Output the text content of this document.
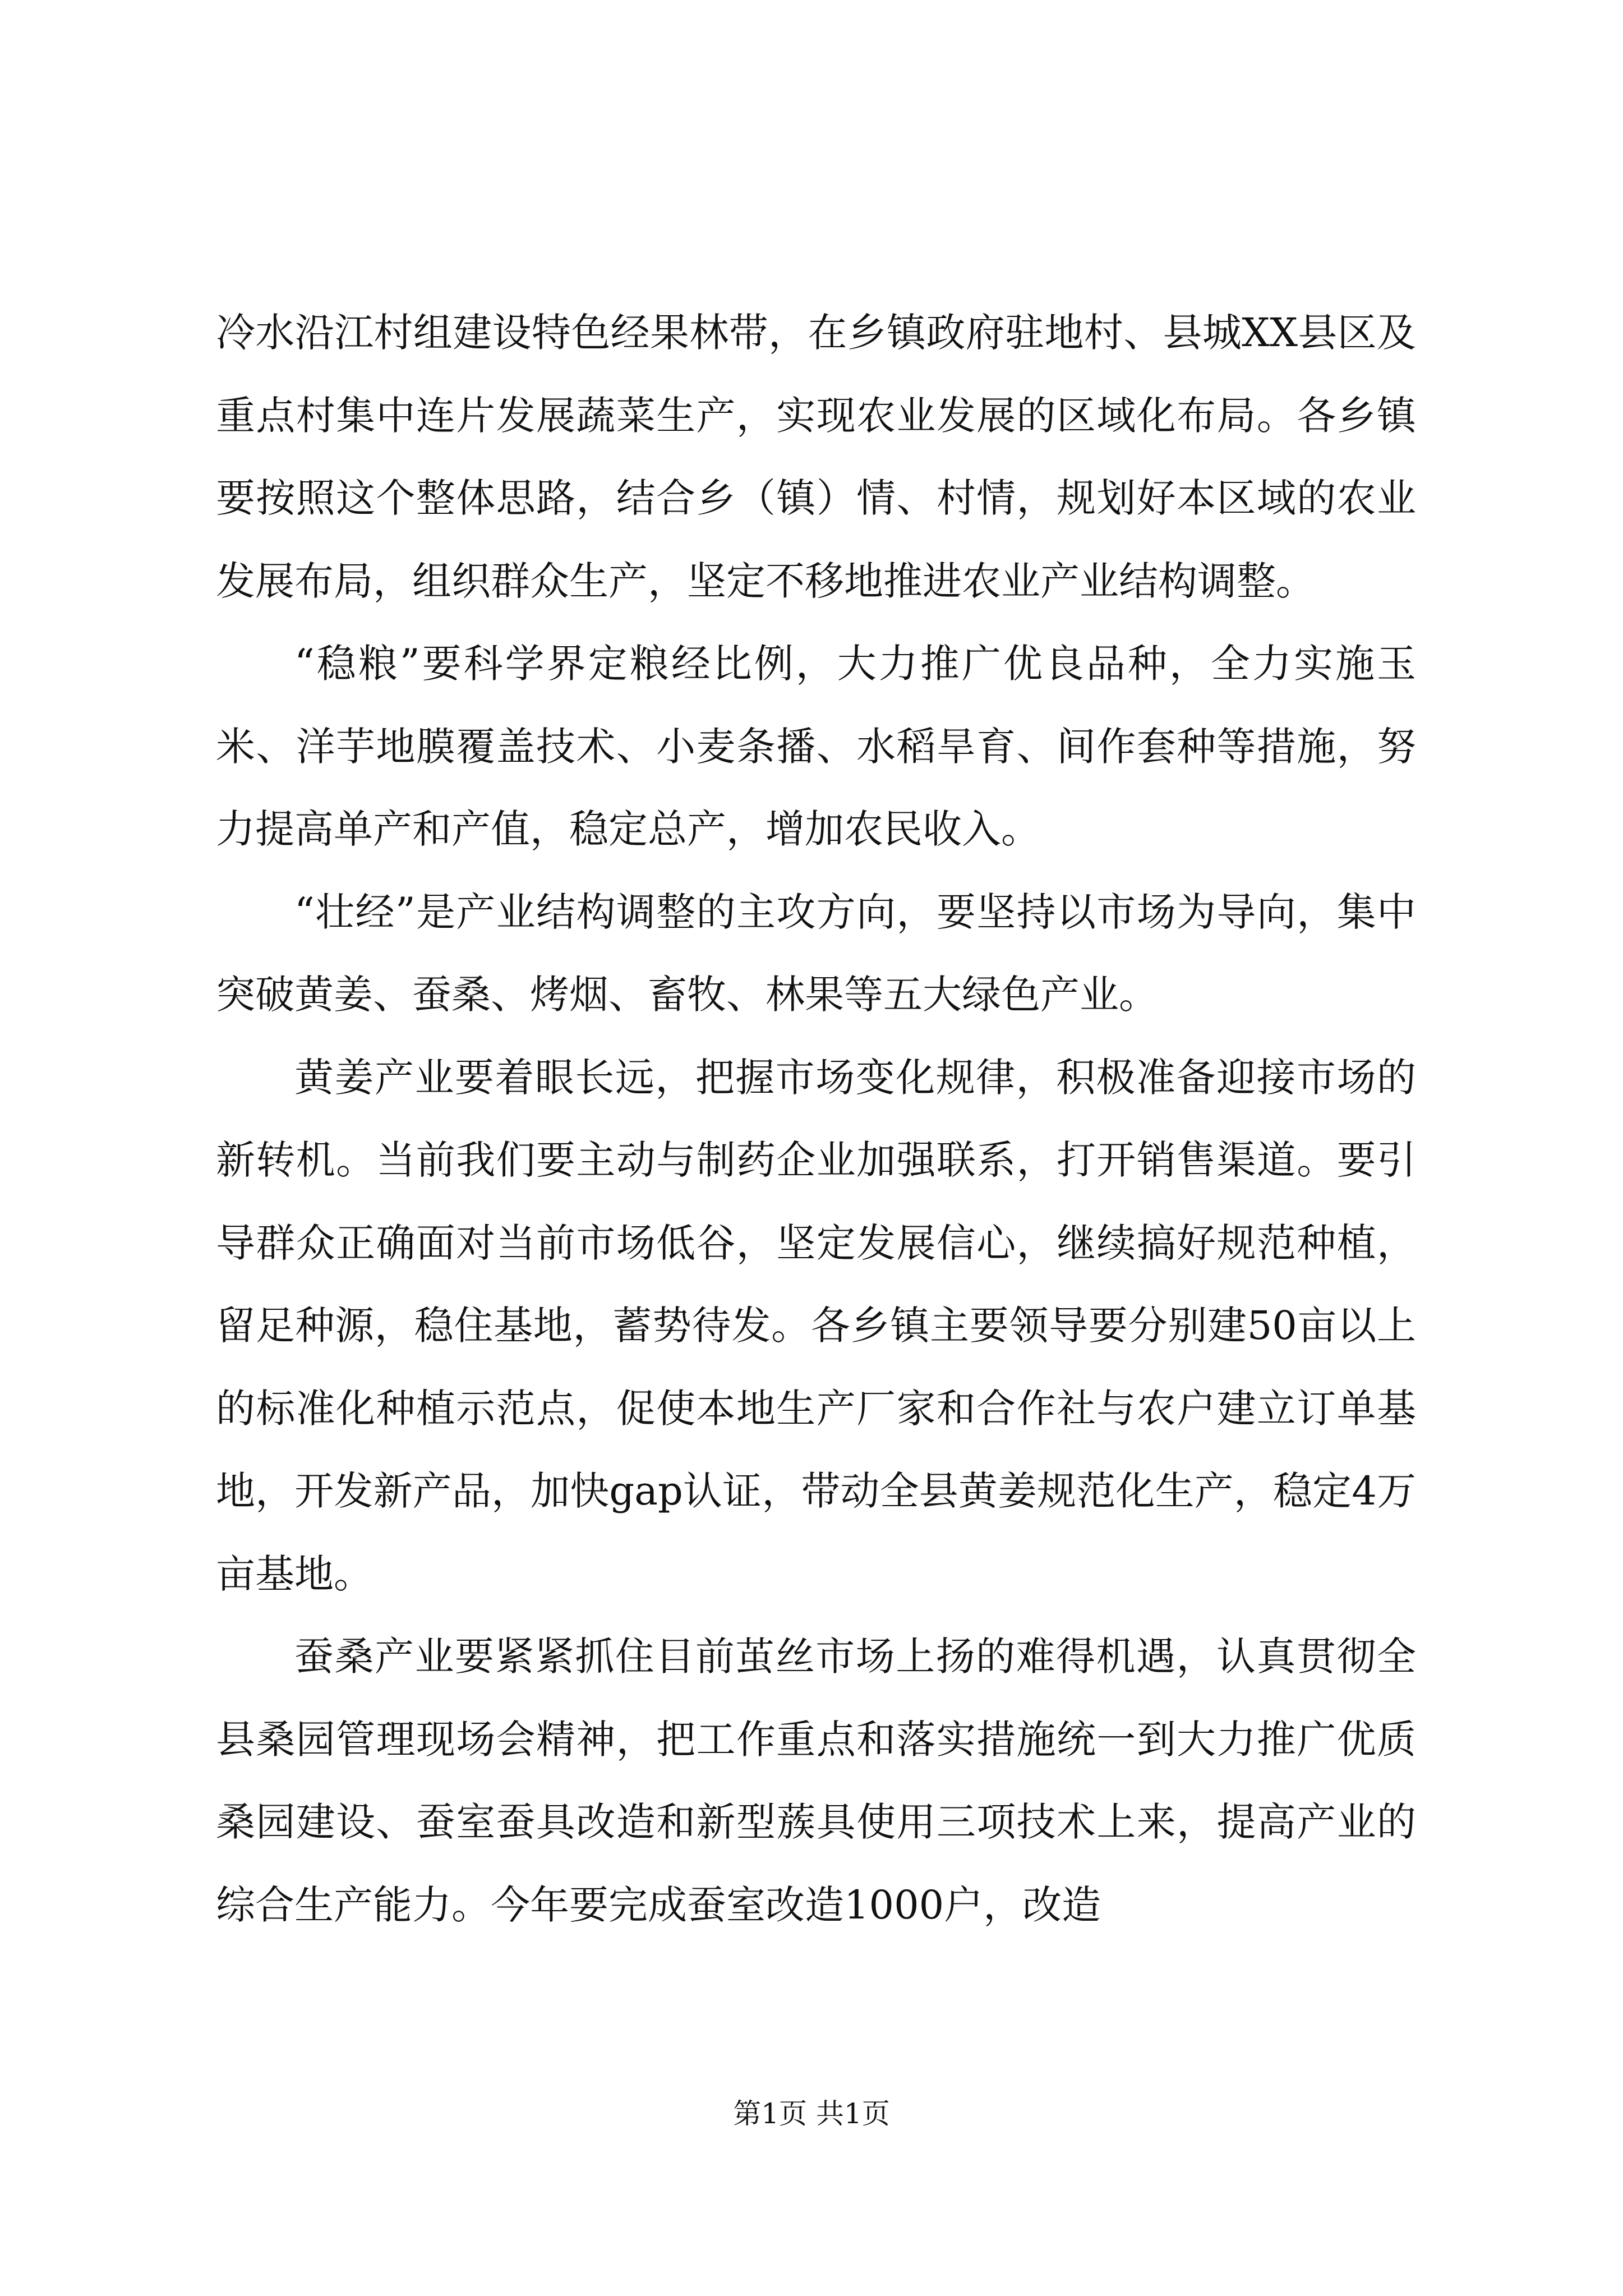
冷水沿江村组建设特色经果林带，在乡镇政府驻地村、县城XX县区及重点村集中连片发展蔬菜生产，实现农业发展的区域化布局。各乡镇要按照这个整体思路，结合乡（镇）情、村情，规划好本区域的农业发展布局，组织群众生产，坚定不移地推进农业产业结构调整。

“稳粮”要科学界定粮经比例，大力推广优良品种，全力实施玉米、洋芋地膜覆盖技术、小麦条播、水稻旱育、间作套种等措施，努力提高单产和产值，稳定总产，增加农民收入。

“壮经”是产业结构调整的主攻方向，要坚持以市场为导向，集中突破黄姜、蚕桑、烤烟、畜牧、林果等五大绿色产业。

黄姜产业要着眼长远，把握市场变化规律，积极准备迎接市场的新转机。当前我们要主动与制药企业加强联系，打开销售渠道。要引导群众正确面对当前市场低谷，坚定发展信心，继续搞好规范种植，留足种源，稳住基地，蓄势待发。各乡镇主要领导要分别建50亩以上的标准化种植示范点，促使本地生产厂家和合作社与农户建立订单基地，开发新产品，加快gap认证，带动全县黄姜规范化生产，稳定4万亩基地。

蚕桑产业要紧紧抓住目前茧丝市场上扬的难得机遇，认真贯彻全县桑园管理现场会精神，把工作重点和落实措施统一到大力推广优质桑园建设、蚕室蚕具改造和新型蔟具使用三项技术上来，提高产业的综合生产能力。今年要完成蚕室改造1000户，改造

第1页 共1页
